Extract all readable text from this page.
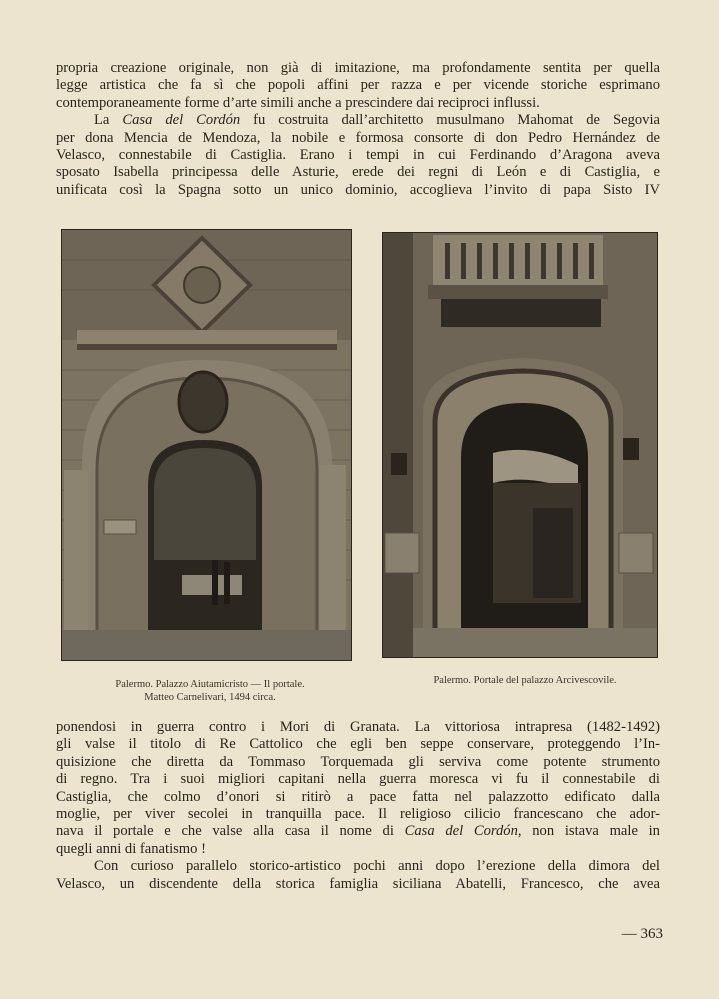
propria creazione originale, non già di imitazione, ma profondamente sentita per quella
legge artistica che fa sì che popoli affini per razza e per vicende storiche esprimano
contemporaneamente forme d’arte simili anche a prescindere dai reciproci influssi.
La Casa del Cordón fu costruita dall’architetto musulmano Mahomat de Segovia
per dona Mencia de Mendoza, la nobile e formosa consorte di don Pedro Hernández de
Velasco, connestabile di Castiglia. Erano i tempi in cui Ferdinando d’Aragona aveva
sposato Isabella principessa delle Asturie, erede dei regni di León e di Castiglia, e
unificata così la Spagna sotto un unico dominio, accoglieva l’invito di papa Sisto IV
Palermo. Palazzo Aiutamicristo — Il portale.
Matteo Carnelivari, 1494 circa.
Palermo. Portale del palazzo Arcivescovile.
ponendosi in guerra contro i Mori di Granata. La vittoriosa intrapresa (1482-1492)
gli valse il titolo di Re Cattolico che egli ben seppe conservare, proteggendo l’In-
quisizione che diretta da Tommaso Torquemada gli serviva come potente strumento
di regno. Tra i suoi migliori capitani nella guerra moresca vi fu il connestabile di
Castiglia, che colmo d’onori si ritirò a pace fatta nel palazzotto edificato dalla
moglie, per viver secolei in tranquilla pace. Il religioso cilicio francescano che ador-
nava il portale e che valse alla casa il nome di Casa del Cordón, non istava male in
quegli anni di fanatismo !
Con curioso parallelo storico-artistico pochi anni dopo l’erezione della dimora del
Velasco, un discendente della storica famiglia siciliana Abatelli, Francesco, che avea
— 363
